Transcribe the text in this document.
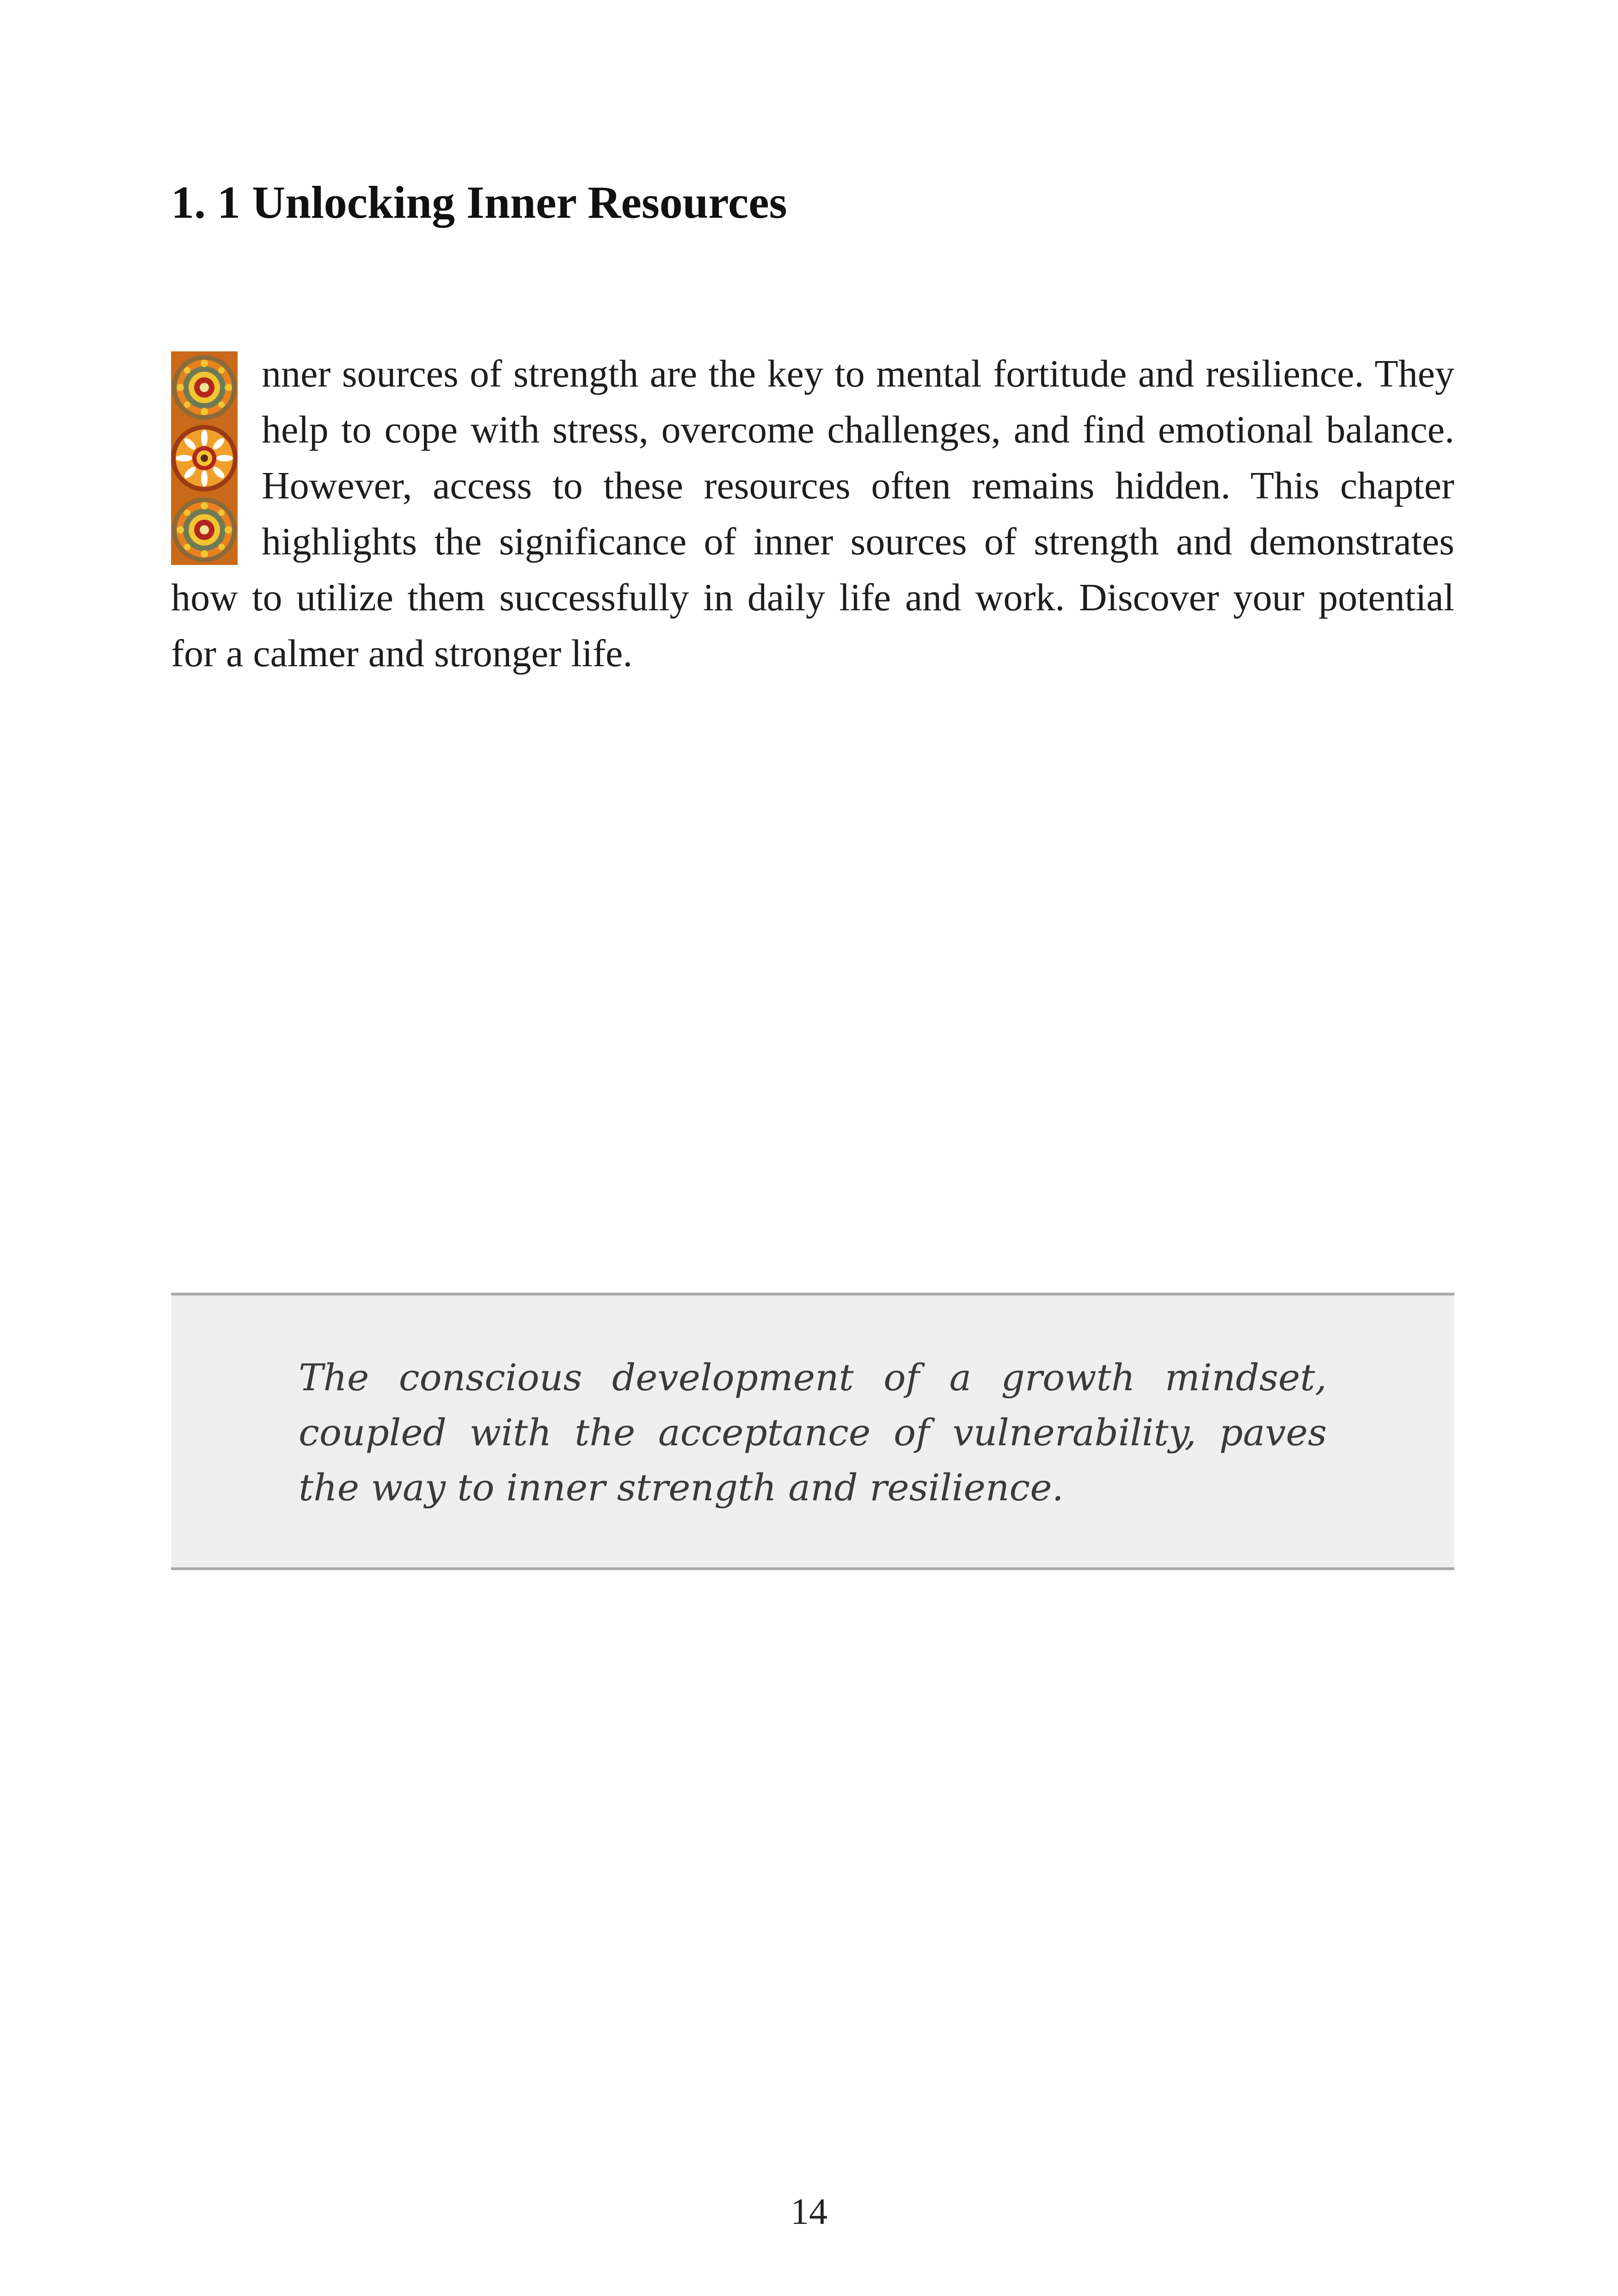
1. 1 Unlocking Inner Resources

nner sources of strength are the key to mental fortitude and resilience. They help to cope with stress, overcome challenges, and find emotional balance. However, access to these resources often remains hidden. This chapter highlights the significance of inner sources of strength and demonstrates how to utilize them successfully in daily life and work. Discover your potential for a calmer and stronger life.

The conscious development of a growth mindset, coupled with the acceptance of vulnerability, paves the way to inner strength and resilience.

14
